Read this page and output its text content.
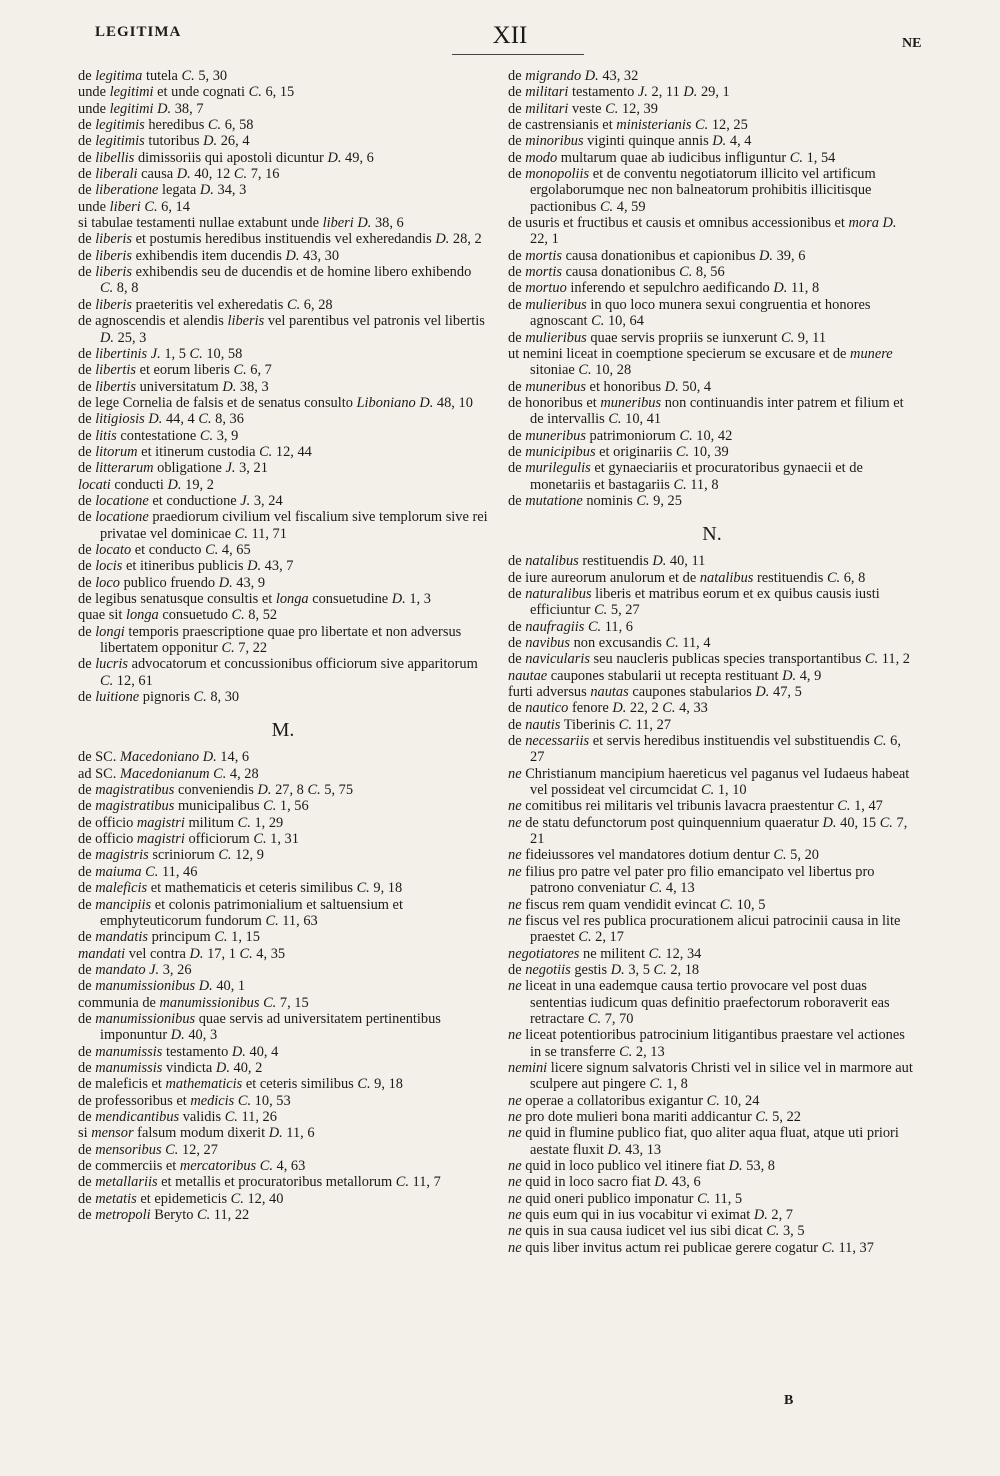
LEGITIMA	XII	NE
de legitima tutela C. 5, 30
unde legitimi et unde cognati C. 6, 15
unde legitimi D. 38, 7
de legitimis heredibus C. 6, 58
de legitimis tutoribus D. 26, 4
de libellis dimissoriis qui apostoli dicuntur D. 49, 6
de liberali causa D. 40, 12 C. 7, 16
de liberatione legata D. 34, 3
unde liberi C. 6, 14
si tabulae testamenti nullae extabunt unde liberi D. 38, 6
de liberis et postumis heredibus instituendis vel exheredandis D. 28, 2
de liberis exhibendis item ducendis D. 43, 30
de liberis exhibendis seu de ducendis et de homine libero exhibendo C. 8, 8
de liberis praeteritis vel exheredatis C. 6, 28
de agnoscendis et alendis liberis vel parentibus vel patronis vel libertis D. 25, 3
de libertinis J. 1, 5 C. 10, 58
de libertis et eorum liberis C. 6, 7
de libertis universitatum D. 38, 3
de lege Cornelia de falsis et de senatus consulto Liboniano D. 48, 10
de litigiosis D. 44, 4 C. 8, 36
de litis contestatione C. 3, 9
de litorum et itinerum custodia C. 12, 44
de litterarum obligatione J. 3, 21
locati conducti D. 19, 2
de locatione et conductione J. 3, 24
de locatione praediorum civilium vel fiscalium sive templorum sive rei privatae vel dominicae C. 11, 71
de locato et conducto C. 4, 65
de locis et itineribus publicis D. 43, 7
de loco publico fruendo D. 43, 9
de legibus senatusque consultis et longa consuetudine D. 1, 3
quae sit longa consuetudo C. 8, 52
de longi temporis praescriptione quae pro libertate et non adversus libertatem opponitur C. 7, 22
de lucris advocatorum et concussionibus officiorum sive apparitorum C. 12, 61
de luitione pignoris C. 8, 30
M.
de SC. Macedoniano D. 14, 6
ad SC. Macedonianum C. 4, 28
de magistratibus conveniendis D. 27, 8 C. 5, 75
de magistratibus municipalibus C. 1, 56
de officio magistri militum C. 1, 29
de officio magistri officiorum C. 1, 31
de magistris scriniorum C. 12, 9
de maiuma C. 11, 46
de maleficis et mathematicis et ceteris similibus C. 9, 18
de mancipiis et colonis patrimonialium et saltuensium et emphyteuticorum fundorum C. 11, 63
de mandatis principum C. 1, 15
mandati vel contra D. 17, 1 C. 4, 35
de mandato J. 3, 26
de manumissionibus D. 40, 1
communia de manumissionibus C. 7, 15
de manumissionibus quae servis ad universitatem pertinentibus imponuntur D. 40, 3
de manumissis testamento D. 40, 4
de manumissis vindicta D. 40, 2
de maleficis et mathematicis et ceteris similibus C. 9, 18
de professoribus et medicis C. 10, 53
de mendicantibus validis C. 11, 26
si mensor falsum modum dixerit D. 11, 6
de mensoribus C. 12, 27
de commerciis et mercatoribus C. 4, 63
de metallariis et metallis et procuratoribus metallorum C. 11, 7
de metatis et epidemeticis C. 12, 40
de metropoli Beryto C. 11, 22
de migrando D. 43, 32
de militari testamento J. 2, 11 D. 29, 1
de militari veste C. 12, 39
de castrensianis et ministerianis C. 12, 25
de minoribus viginti quinque annis D. 4, 4
de modo multarum quae ab iudicibus infliguntur C. 1, 54
de monopoliis et de conventu negotiatorum illicito vel artificum ergolaborumque nec non balneatorum prohibitis illicitisque pactionibus C. 4, 59
de usuris et fructibus et causis et omnibus accessionibus et mora D. 22, 1
de mortis causa donationibus et capionibus D. 39, 6
de mortis causa donationibus C. 8, 56
de mortuo inferendo et sepulchro aedificando D. 11, 8
de mulieribus in quo loco munera sexui congruentia et honores agnoscant C. 10, 64
de mulieribus quae servis propriis se iunxerunt C. 9, 11
ut nemini liceat in coemptione specierum se excusare et de munere sitoniae C. 10, 28
de muneribus et honoribus D. 50, 4
de honoribus et muneribus non continuandis inter patrem et filium et de intervallis C. 10, 41
de muneribus patrimoniorum C. 10, 42
de municipibus et originariis C. 10, 39
de murilegulis et gynaeciariis et procuratoribus gynaecii et de monetariis et bastagariis C. 11, 8
de mutatione nominis C. 9, 25
N.
de natalibus restituendis D. 40, 11
de iure aureorum anulorum et de natalibus restituendis C. 6, 8
de naturalibus liberis et matribus eorum et ex quibus causis iusti efficiuntur C. 5, 27
de naufragiis C. 11, 6
de navibus non excusandis C. 11, 4
de navicularis seu naucleris publicas species transportantibus C. 11, 2
nautae caupones stabularii ut recepta restituant D. 4, 9
furti adversus nautas caupones stabularios D. 47, 5
de nautico fenore D. 22, 2 C. 4, 33
de nautis Tiberinis C. 11, 27
de necessariis et servis heredibus instituendis vel substituendis C. 6, 27
ne Christianum mancipium haereticus vel paganus vel Iudaeus habeat vel possideat vel circumcidat C. 1, 10
ne comitibus rei militaris vel tribunis lavacra praestentur C. 1, 47
ne de statu defunctorum post quinquennium quaeratur D. 40, 15 C. 7, 21
ne fideiussores vel mandatores dotium dentur C. 5, 20
ne filius pro patre vel pater pro filio emancipato vel libertus pro patrono conveniatur C. 4, 13
ne fiscus rem quam vendidit evincat C. 10, 5
ne fiscus vel res publica procurationem alicui patrocinii causa in lite praestet C. 2, 17
negotiatores ne militent C. 12, 34
de negotiis gestis D. 3, 5 C. 2, 18
ne liceat in una eademque causa tertio provocare vel post duas sententias iudicum quas definitio praefectorum roboraverit eas retractare C. 7, 70
ne liceat potentioribus patrocinium litigantibus praestare vel actiones in se transferre C. 2, 13
nemini licere signum salvatoris Christi vel in silice vel in marmore aut sculpere aut pingere C. 1, 8
ne operae a collatoribus exigantur C. 10, 24
ne pro dote mulieri bona mariti addicantur C. 5, 22
ne quid in flumine publico fiat, quo aliter aqua fluat, atque uti priori aestate fluxit D. 43, 13
ne quid in loco publico vel itinere fiat D. 53, 8
ne quid in loco sacro fiat D. 43, 6
ne quid oneri publico imponatur C. 11, 5
ne quis eum qui in ius vocabitur vi eximat D. 2, 7
ne quis in sua causa iudicet vel ius sibi dicat C. 3, 5
ne quis liber invitus actum rei publicae gerere cogatur C. 11, 37
B
